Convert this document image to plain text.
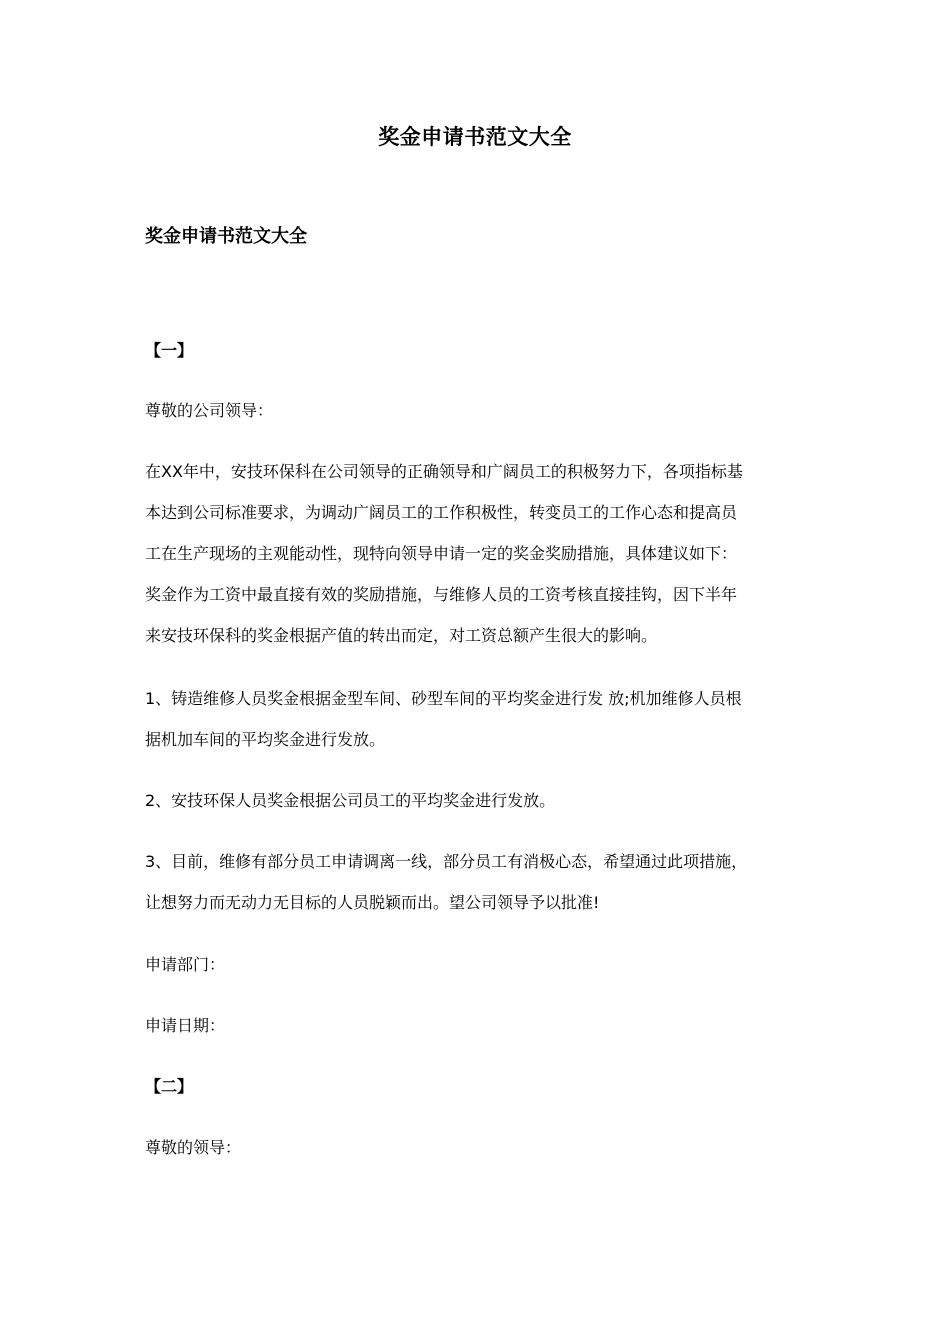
奖金申请书范文大全
奖金申请书范文大全
【一】
尊敬的公司领导：
在XX年中，安技环保科在公司领导的正确领导和广阔员工的积极努力下，各项指标基
本达到公司标准要求，为调动广阔员工的工作积极性，转变员工的工作心态和提高员
工在生产现场的主观能动性，现特向领导申请一定的奖金奖励措施，具体建议如下：
奖金作为工资中最直接有效的奖励措施，与维修人员的工资考核直接挂钩，因下半年
来安技环保科的奖金根据产值的转出而定，对工资总额产生很大的影响。
1、铸造维修人员奖金根据金型车间、砂型车间的平均奖金进行发 放;机加维修人员根
据机加车间的平均奖金进行发放。
2、安技环保人员奖金根据公司员工的平均奖金进行发放。
3、目前，维修有部分员工申请调离一线，部分员工有消极心态，希望通过此项措施，
让想努力而无动力无目标的人员脱颖而出。望公司领导予以批准!
申请部门：
申请日期：
【二】
尊敬的领导：
